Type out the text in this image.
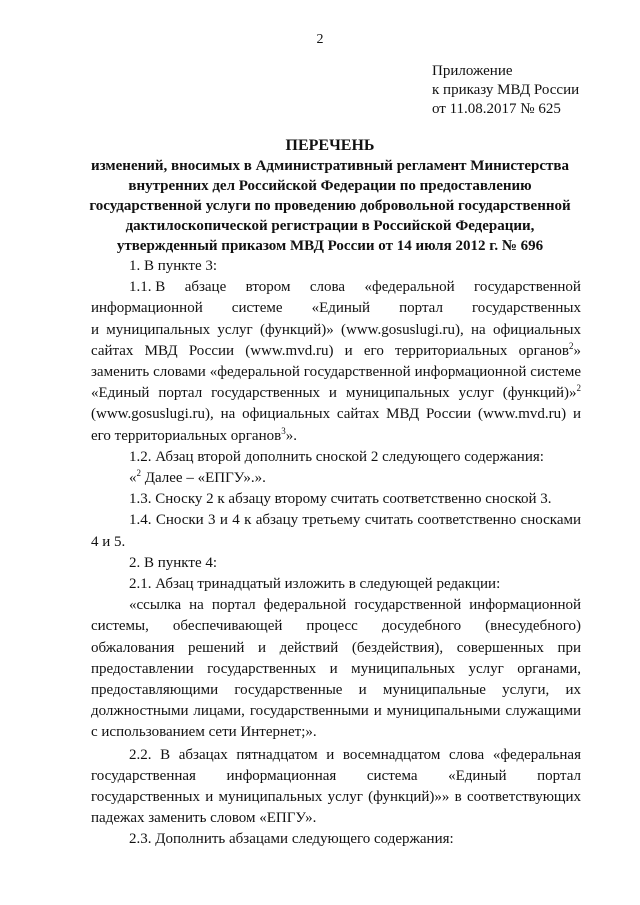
2
Приложение
к приказу МВД России
от 11.08.2017 № 625
ПЕРЕЧЕНЬ
изменений, вносимых в Административный регламент Министерства
внутренних дел Российской Федерации по предоставлению
государственной услуги по проведению добровольной государственной
дактилоскопической регистрации в Российской Федерации,
утвержденный приказом МВД России от 14 июля 2012 г. № 696

1. В пункте 3:

1.1. В абзаце втором слова «федеральной государственной
информационной системе «Единый портал государственных

и муниципальных услуг (функций)» (www.gosuslugi.ru), на официальных сайтах МВД России (www.mvd.ru) и его территориальных органов$^2$» заменить словами «федеральной государственной информационной системе «Единый портал государственных и муниципальных услуг (функций)»$^2$ (www.gosuslugi.ru), на официальных сайтах МВД России (www.mvd.ru) и его территориальных органов$^3$».

1.2. Абзац второй дополнить сноской 2 следующего содержания:

«$^2$ Далее – «ЕПГУ».».

1.3. Сноску 2 к абзацу второму считать соответственно сноской 3.

1.4. Сноски 3 и 4 к абзацу третьему считать соответственно сносками 4 и 5.

2. В пункте 4:

2.1. Абзац тринадцатый изложить в следующей редакции:

«ссылка на портал федеральной государственной информационной системы, обеспечивающей процесс досудебного (внесудебного) обжалования решений и действий (бездействия), совершенных при предоставлении государственных и муниципальных услуг органами, предоставляющими государственные и муниципальные услуги, их должностными лицами, государственными и муниципальными служащими с использованием сети Интернет;».

2.2. В абзацах пятнадцатом и восемнадцатом слова «федеральная государственная информационная система «Единый портал государственных и муниципальных услуг (функций)»» в соответствующих падежах заменить словом «ЕПГУ».

2.3. Дополнить абзацами следующего содержания:
